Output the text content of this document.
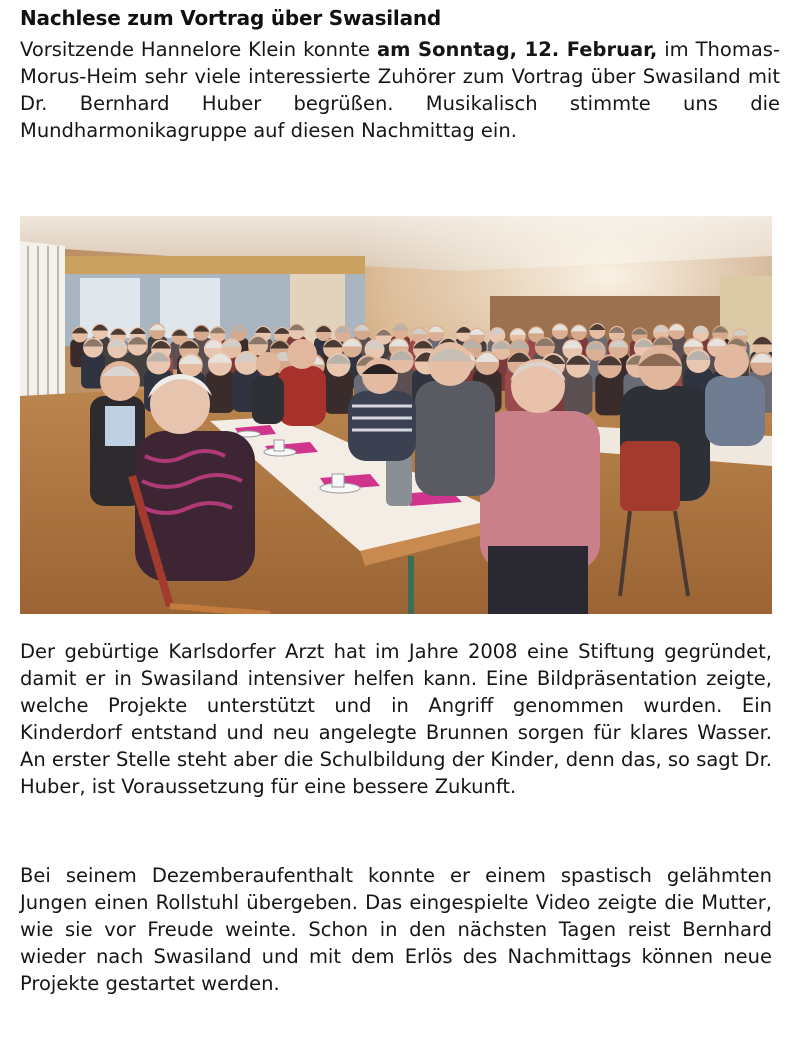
Nachlese zum Vortrag über Swasiland

Vorsitzende Hannelore Klein konnte am Sonntag, 12. Februar, im Thomas-Morus-Heim sehr viele interessierte Zuhörer zum Vortrag über Swasiland mit Dr. Bernhard Huber begrüßen. Musikalisch stimmte uns die Mundharmonikagruppe auf diesen Nachmittag ein.

Der gebürtige Karlsdorfer Arzt hat im Jahre 2008 eine Stiftung gegründet, damit er in Swasiland intensiver helfen kann. Eine Bildpräsentation zeigte, welche Projekte unterstützt und in Angriff genommen wurden. Ein Kinderdorf entstand und neu angelegte Brunnen sorgen für klares Wasser. An erster Stelle steht aber die Schulbildung der Kinder, denn das, so sagt Dr. Huber, ist Voraussetzung für eine bessere Zukunft.

Bei seinem Dezemberaufenthalt konnte er einem spastisch gelähmten Jungen einen Rollstuhl übergeben. Das eingespielte Video zeigte die Mutter, wie sie vor Freude weinte. Schon in den nächsten Tagen reist Bernhard wieder nach Swasiland und mit dem Erlös des Nachmittags können neue Projekte gestartet werden.
